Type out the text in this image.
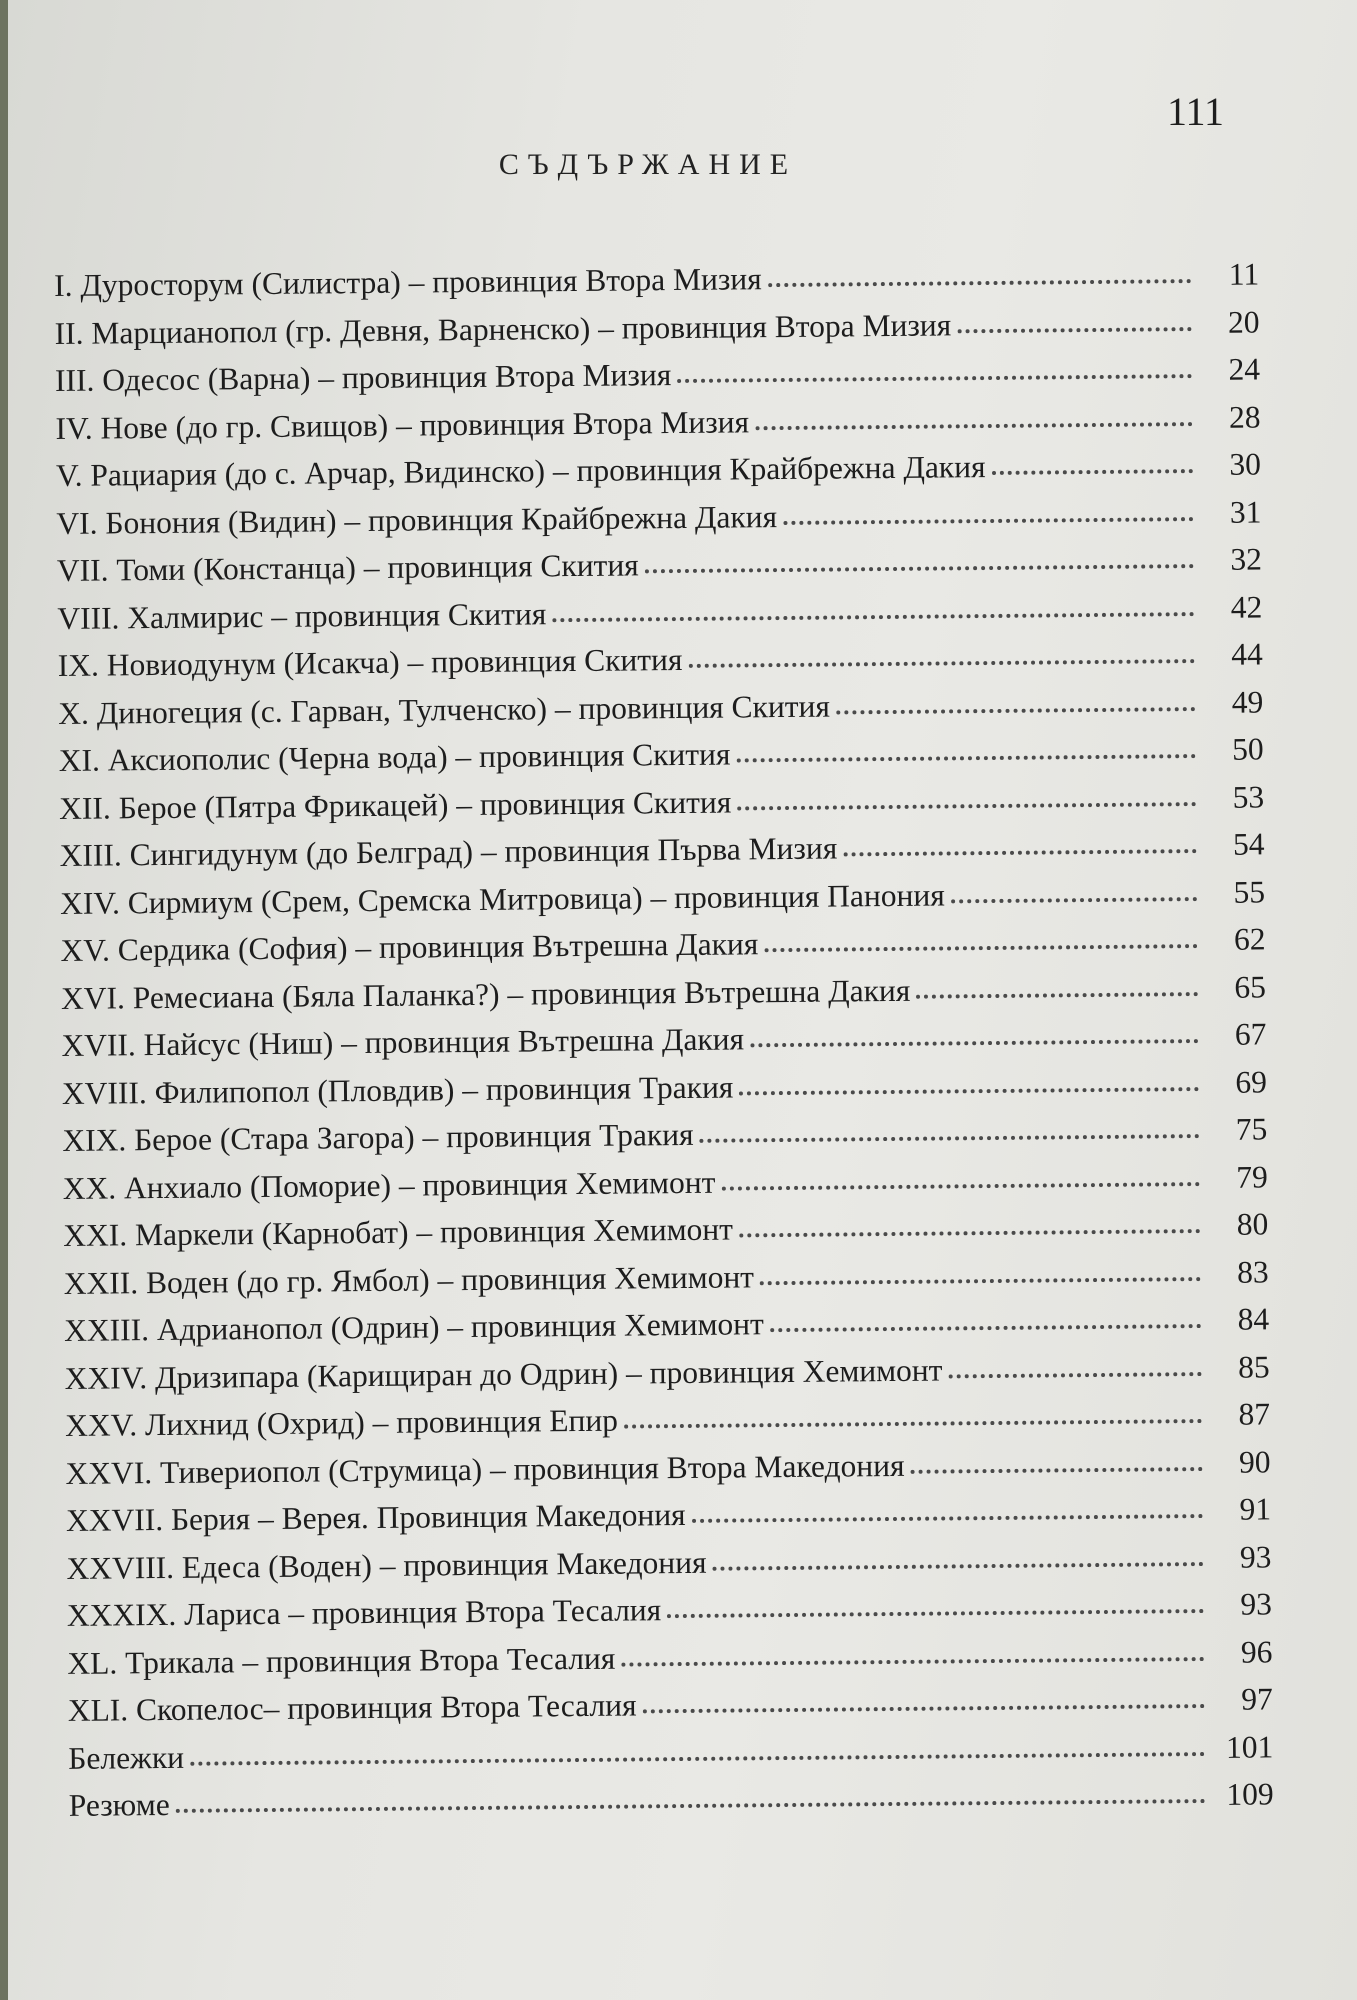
111
СЪДЪРЖАНИЕ
I. Дуросторум (Силистра) – провинция Втора Мизия	11
II. Марцианопол (гр. Девня, Варненско) – провинция Втора Мизия	20
III. Одесос (Варна) – провинция Втора Мизия	24
IV. Нове (до гр. Свищов) – провинция Втора Мизия	28
V. Рациария (до с. Арчар, Видинско) – провинция Крайбрежна Дакия	30
VI. Бонония (Видин) – провинция Крайбрежна Дакия	31
VII. Томи (Констанца) – провинция Скития	32
VIII. Халмирис – провинция Скития	42
IX. Новиодунум (Исакча) – провинция Скития	44
X. Диногеция (с. Гарван, Тулченско) – провинция Скития	49
XI. Аксиополис (Черна вода) – провинция Скития	50
XII. Берое (Пятра Фрикацей) – провинция Скития	53
XIII. Сингидунум (до Белград) – провинция Първа Мизия	54
XIV. Сирмиум (Срем, Сремска Митровица) – провинция Панония	55
XV. Сердика (София) – провинция Вътрешна Дакия	62
XVI. Ремесиана (Бяла Паланка?) – провинция Вътрешна Дакия	65
XVII. Найсус (Ниш) – провинция Вътрешна Дакия	67
XVIII. Филипопол (Пловдив) – провинция Тракия	69
XIX. Берое (Стара Загора) – провинция Тракия	75
XX. Анхиало (Поморие) – провинция Хемимонт	79
XXI. Маркели (Карнобат) – провинция Хемимонт	80
XXII. Воден (до гр. Ямбол) – провинция Хемимонт	83
XXIII. Адрианопол (Одрин) – провинция Хемимонт	84
XXIV. Дризипара (Карищиран до Одрин) – провинция Хемимонт	85
XXV. Лихнид (Охрид) – провинция Епир	87
XXVI. Тивериопол (Струмица) – провинция Втора Македония	90
XXVII. Берия – Верея. Провинция Македония	91
XXVIII. Едеса (Воден) – провинция Македония	93
XXXIX. Лариса – провинция Втора Тесалия	93
XL. Трикала – провинция Втора Тесалия	96
XLI. Скопелос– провинция Втора Тесалия	97
Бележки	101
Резюме	109
